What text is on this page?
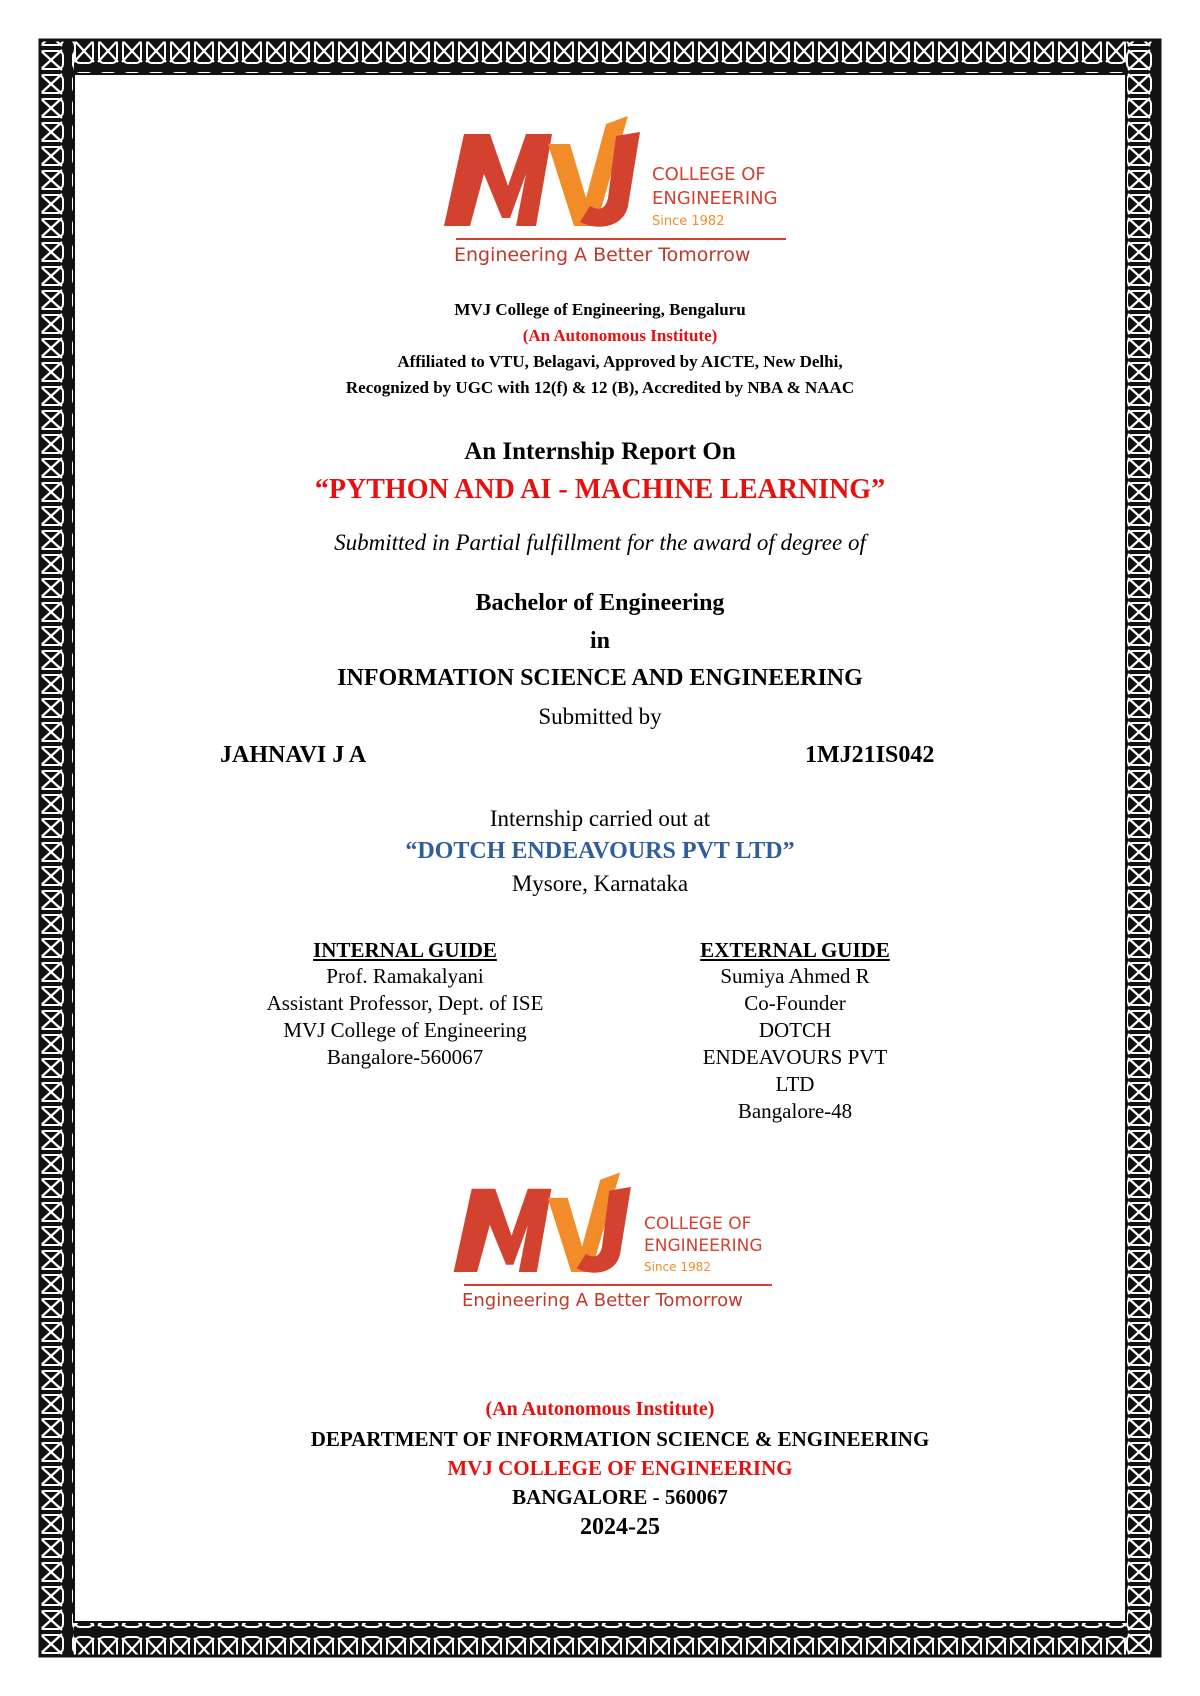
COLLEGE OF
ENGINEERING
Since 1982
Engineering A Better Tomorrow
MVJ College of Engineering, Bengaluru
(An Autonomous Institute)
Affiliated to VTU, Belagavi, Approved by AICTE, New Delhi,
Recognized by UGC with 12(f) & 12 (B), Accredited by NBA & NAAC
An Internship Report On
“PYTHON AND AI - MACHINE LEARNING”
Submitted in Partial fulfillment for the award of degree of
Bachelor of Engineering
in
INFORMATION SCIENCE AND ENGINEERING
Submitted by
JAHNAVI J A	1MJ21IS042
Internship carried out at
“DOTCH ENDEAVOURS PVT LTD”
Mysore, Karnataka
INTERNAL GUIDE
Prof. Ramakalyani
Assistant Professor, Dept. of ISE
MVJ College of Engineering
Bangalore-560067
EXTERNAL GUIDE
Sumiya Ahmed R
Co-Founder
DOTCH
ENDEAVOURS PVT
LTD
Bangalore-48
COLLEGE OF
ENGINEERING
Since 1982
Engineering A Better Tomorrow
(An Autonomous Institute)
DEPARTMENT OF INFORMATION SCIENCE & ENGINEERING
MVJ COLLEGE OF ENGINEERING
BANGALORE - 560067
2024-25
